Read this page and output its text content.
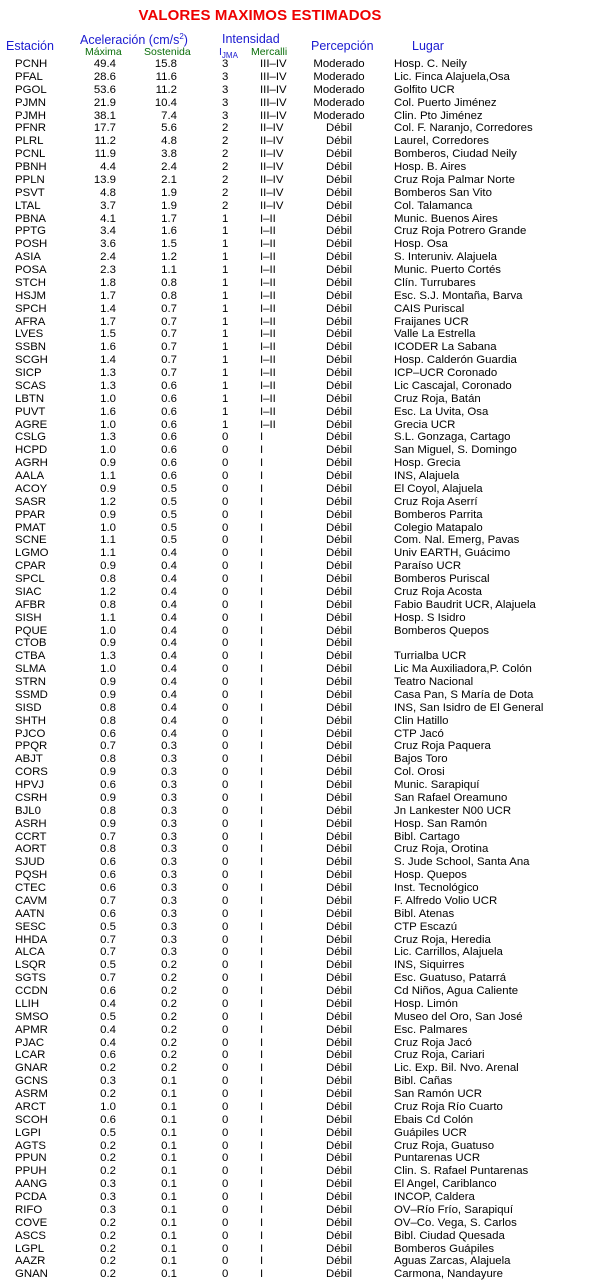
VALORES MAXIMOS ESTIMADOS
Estación Aceleración $(cm/s^2)$
Máxima Sostenida
Intensidad
$I_{JMA}$ Mercalli Percepción	Lugar
PCNH	49.4	15.8	3	III–IV	Moderado	Hosp. C. Neily
PFAL	28.6	11.6	3	III–IV	Moderado	Lic. Finca Alajuela,Osa
PGOL	53.6	11.2	3	III–IV	Moderado	Golfito UCR
PJMN	21.9	10.4	3	III–IV	Moderado	Col. Puerto Jiménez
PJMH	38.1	7.4	3	III–IV	Moderado	Clin. Pto Jiménez
PFNR	17.7	5.6	2	II–IV	Débil	Col. F. Naranjo, Corredores
PLRL	11.2	4.8	2	II–IV	Débil	Laurel, Corredores
PCNL	11.9	3.8	2	II–IV	Débil	Bomberos, Ciudad Neily
PBNH	4.4	2.4	2	II–IV	Débil	Hosp. B. Aires
PPLN	13.9	2.1	2	II–IV	Débil	Cruz Roja Palmar Norte
PSVT	4.8	1.9	2	II–IV	Débil	Bomberos San Vito
LTAL	3.7	1.9	2	II–IV	Débil	Col. Talamanca
PBNA	4.1	1.7	1	I–II	Débil	Munic. Buenos Aires
PPTG	3.4	1.6	1	I–II	Débil	Cruz Roja Potrero Grande
POSH	3.6	1.5	1	I–II	Débil	Hosp. Osa
ASIA	2.4	1.2	1	I–II	Débil	S. Interuniv. Alajuela
POSA	2.3	1.1	1	I–II	Débil	Munic. Puerto Cortés
STCH	1.8	0.8	1	I–II	Débil	Clín. Turrubares
HSJM	1.7	0.8	1	I–II	Débil	Esc. S.J. Montaña, Barva
SPCH	1.4	0.7	1	I–II	Débil	CAIS Puriscal
AFRA	1.7	0.7	1	I–II	Débil	Fraijanes UCR
LVES	1.5	0.7	1	I–II	Débil	Valle La Estrella
SSBN	1.6	0.7	1	I–II	Débil	ICODER La Sabana
SCGH	1.4	0.7	1	I–II	Débil	Hosp. Calderón Guardia
SICP	1.3	0.7	1	I–II	Débil	ICP–UCR Coronado
SCAS	1.3	0.6	1	I–II	Débil	Lic Cascajal, Coronado
LBTN	1.0	0.6	1	I–II	Débil	Cruz Roja, Batán
PUVT	1.6	0.6	1	I–II	Débil	Esc. La Uvita, Osa
AGRE	1.0	0.6	1	I–II	Débil	Grecia UCR
CSLG	1.3	0.6	0	I	Débil	S.L. Gonzaga, Cartago
HCPD	1.0	0.6	0	I	Débil	San Miguel, S. Domingo
AGRH	0.9	0.6	0	I	Débil	Hosp. Grecia
AALA	1.1	0.6	0	I	Débil	INS, Alajuela
ACOY	0.9	0.5	0	I	Débil	El Coyol, Alajuela
SASR	1.2	0.5	0	I	Débil	Cruz Roja Aserrí
PPAR	0.9	0.5	0	I	Débil	Bomberos Parrita
PMAT	1.0	0.5	0	I	Débil	Colegio Matapalo
SCNE	1.1	0.5	0	I	Débil	Com. Nal. Emerg, Pavas
LGMO	1.1	0.4	0	I	Débil	Univ EARTH, Guácimo
CPAR	0.9	0.4	0	I	Débil	Paraíso UCR
SPCL	0.8	0.4	0	I	Débil	Bomberos Puriscal
SIAC	1.2	0.4	0	I	Débil	Cruz Roja Acosta
AFBR	0.8	0.4	0	I	Débil	Fabio Baudrit UCR, Alajuela
SISH	1.1	0.4	0	I	Débil	Hosp. S Isidro
PQUE	1.0	0.4	0	I	Débil	Bomberos Quepos
CTOB	0.9	0.4	0	I	Débil
CTBA	1.3	0.4	0	I	Débil	Turrialba UCR
SLMA	1.0	0.4	0	I	Débil	Lic Ma Auxiliadora,P. Colón
STRN	0.9	0.4	0	I	Débil	Teatro Nacional
SSMD	0.9	0.4	0	I	Débil	Casa Pan, S María de Dota
SISD	0.8	0.4	0	I	Débil	INS, San Isidro de El General
SHTH	0.8	0.4	0	I	Débil	Clin Hatillo
PJCO	0.6	0.4	0	I	Débil	CTP Jacó
PPQR	0.7	0.3	0	I	Débil	Cruz Roja Paquera
ABJT	0.8	0.3	0	I	Débil	Bajos Toro
CORS	0.9	0.3	0	I	Débil	Col. Orosi
HPVJ	0.6	0.3	0	I	Débil	Munic. Sarapiquí
CSRH	0.9	0.3	0	I	Débil	San Rafael Oreamuno
BJL0	0.8	0.3	0	I	Débil	Jn Lankester N00 UCR
ASRH	0.9	0.3	0	I	Débil	Hosp. San Ramón
CCRT	0.7	0.3	0	I	Débil	Bibl. Cartago
AORT	0.8	0.3	0	I	Débil	Cruz Roja, Orotina
SJUD	0.6	0.3	0	I	Débil	S. Jude School, Santa Ana
PQSH	0.6	0.3	0	I	Débil	Hosp. Quepos
CTEC	0.6	0.3	0	I	Débil	Inst. Tecnológico
CAVM	0.7	0.3	0	I	Débil	F. Alfredo Volio UCR
AATN	0.6	0.3	0	I	Débil	Bibl. Atenas
SESC	0.5	0.3	0	I	Débil	CTP Escazú
HHDA	0.7	0.3	0	I	Débil	Cruz Roja, Heredia
ALCA	0.7	0.3	0	I	Débil	Lic. Carrillos, Alajuela
LSQR	0.5	0.2	0	I	Débil	INS, Siquirres
SGTS	0.7	0.2	0	I	Débil	Esc. Guatuso, Patarrá
CCDN	0.6	0.2	0	I	Débil	Cd Niños, Agua Caliente
LLIH	0.4	0.2	0	I	Débil	Hosp. Limón
SMSO	0.5	0.2	0	I	Débil	Museo del Oro, San José
APMR	0.4	0.2	0	I	Débil	Esc. Palmares
PJAC	0.4	0.2	0	I	Débil	Cruz Roja Jacó
LCAR	0.6	0.2	0	I	Débil	Cruz Roja, Cariari
GNAR	0.2	0.2	0	I	Débil	Lic. Exp. Bil. Nvo. Arenal
GCNS	0.3	0.1	0	I	Débil	Bibl. Cañas
ASRM	0.2	0.1	0	I	Débil	San Ramón UCR
ARCT	1.0	0.1	0	I	Débil	Cruz Roja Río Cuarto
SCOH	0.6	0.1	0	I	Débil	Ebais Cd Colón
LGPI	0.5	0.1	0	I	Débil	Guápiles UCR
AGTS	0.2	0.1	0	I	Débil	Cruz Roja, Guatuso
PPUN	0.2	0.1	0	I	Débil	Puntarenas UCR
PPUH	0.2	0.1	0	I	Débil	Clin. S. Rafael Puntarenas
AANG	0.3	0.1	0	I	Débil	El Angel, Cariblanco
PCDA	0.3	0.1	0	I	Débil	INCOP, Caldera
RIFO	0.3	0.1	0	I	Débil	OV–Río Frío, Sarapiquí
COVE	0.2	0.1	0	I	Débil	OV–Co. Vega, S. Carlos
ASCS	0.2	0.1	0	I	Débil	Bibl. Ciudad Quesada
LGPL	0.2	0.1	0	I	Débil	Bomberos Guápiles
AAZR	0.2	0.1	0	I	Débil	Aguas Zarcas, Alajuela
GNAN	0.2	0.1	0	I	Débil	Carmona, Nandayure
